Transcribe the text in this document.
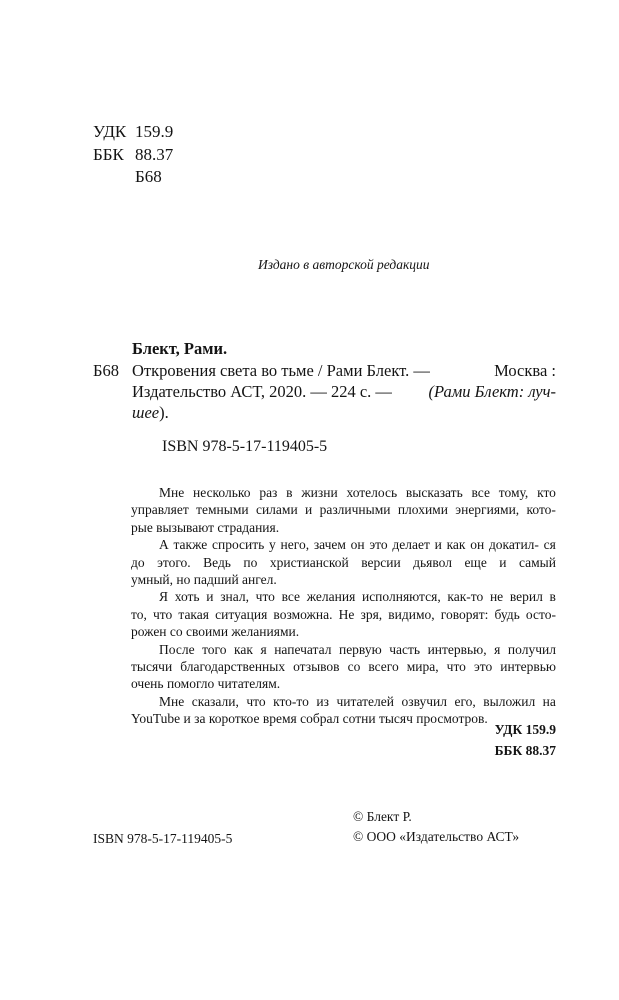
УДК 159.9
ББК 88.37
Б68
Издано в авторской редакции
Блект, Рами.
Б68 Откровения света во тьме / Рами Блект. —	Москва :
Издательство АСТ, 2020. — 224 с. — (Рами Блект: луч-
шее).
ISBN 978-5-17-119405-5
Мне несколько раз в жизни хотелось высказать все тому, кто
управляет темными силами и различными плохими энергиями, кото-
рые вызывают страдания.
А также спросить у него, зачем он это делает и как он докатил- ся
до этого. Ведь по христианской версии дьявол еще и самый
умный, но падший ангел.
Я хоть и знал, что все желания исполняются, как-то не верил в
то, что такая ситуация возможна. Не зря, видимо, говорят: будь осто-
рожен со своими желаниями.
После того как я напечатал первую часть интервью, я получил
тысячи благодарственных отзывов со всего мира, что это интервью
очень помогло читателям.
Мне сказали, что кто-то из читателей озвучил его, выложил на
YouTube и за короткое время собрал сотни тысяч просмотров.
УДК 159.9
ББК 88.37
ISBN 978-5-17-119405-5
© Блект Р.
© ООО «Издательство АСТ»
